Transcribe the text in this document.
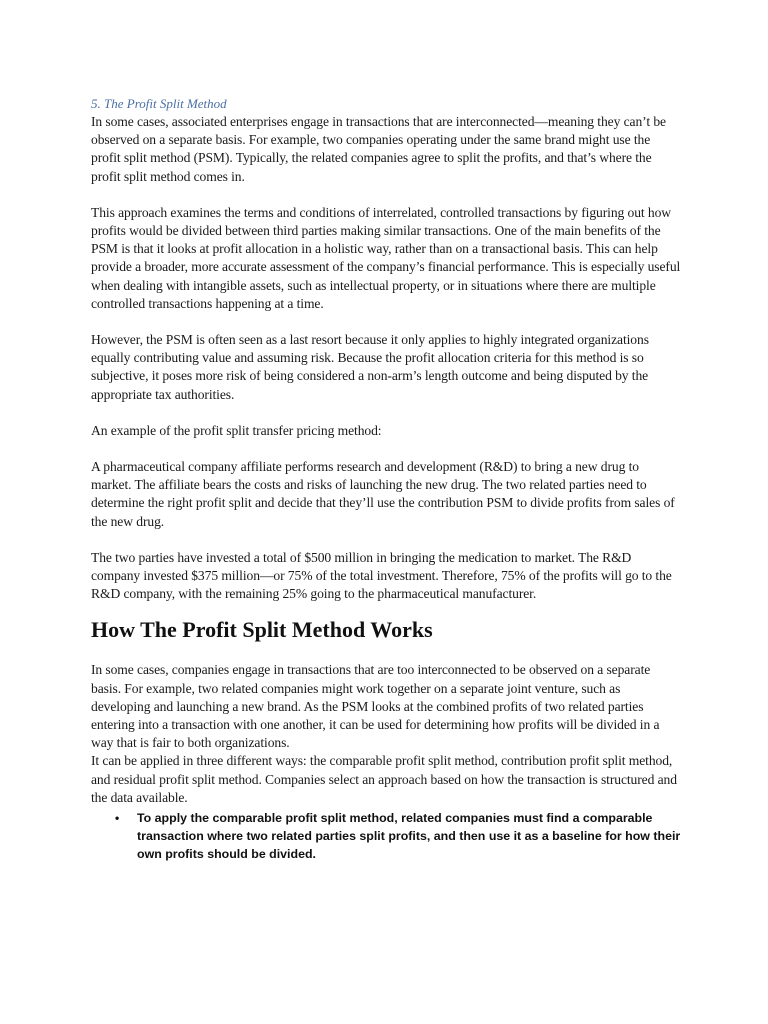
5. The Profit Split Method

In some cases, associated enterprises engage in transactions that are interconnected—meaning they can’t be observed on a separate basis. For example, two companies operating under the same brand might use the profit split method (PSM). Typically, the related companies agree to split the profits, and that’s where the profit split method comes in.

This approach examines the terms and conditions of interrelated, controlled transactions by figuring out how profits would be divided between third parties making similar transactions. One of the main benefits of the PSM is that it looks at profit allocation in a holistic way, rather than on a transactional basis. This can help provide a broader, more accurate assessment of the company’s financial performance. This is especially useful when dealing with intangible assets, such as intellectual property, or in situations where there are multiple controlled transactions happening at a time.

However, the PSM is often seen as a last resort because it only applies to highly integrated organizations equally contributing value and assuming risk. Because the profit allocation criteria for this method is so subjective, it poses more risk of being considered a non-arm’s length outcome and being disputed by the appropriate tax authorities.

An example of the profit split transfer pricing method:

A pharmaceutical company affiliate performs research and development (R&D) to bring a new drug to market. The affiliate bears the costs and risks of launching the new drug. The two related parties need to determine the right profit split and decide that they’ll use the contribution PSM to divide profits from sales of the new drug.

The two parties have invested a total of $500 million in bringing the medication to market. The R&D company invested $375 million—or 75% of the total investment. Therefore, 75% of the profits will go to the R&D company, with the remaining 25% going to the pharmaceutical manufacturer.

How The Profit Split Method Works

In some cases, companies engage in transactions that are too interconnected to be observed on a separate basis. For example, two related companies might work together on a separate joint venture, such as developing and launching a new brand. As the PSM looks at the combined profits of two related parties entering into a transaction with one another, it can be used for determining how profits will be divided in a way that is fair to both organizations.

It can be applied in three different ways: the comparable profit split method, contribution profit split method, and residual profit split method. Companies select an approach based on how the transaction is structured and the data available.

• To apply the comparable profit split method, related companies must find a comparable transaction where two related parties split profits, and then use it as a baseline for how their own profits should be divided.
